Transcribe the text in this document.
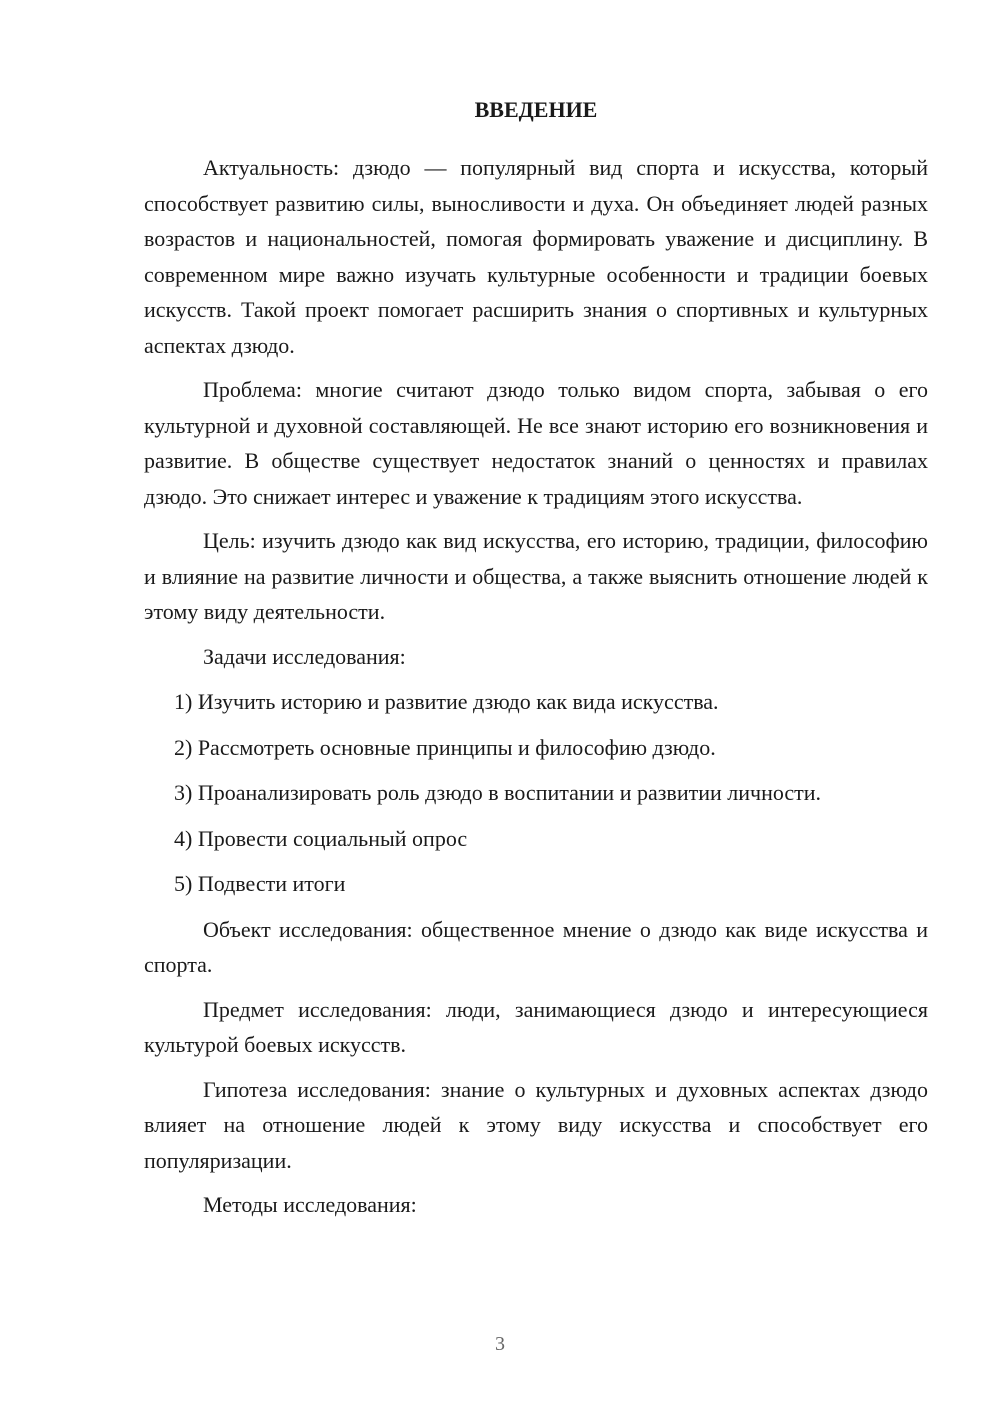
ВВЕДЕНИЕ

Актуальность: дзюдо — популярный вид спорта и искусства, который способствует развитию силы, выносливости и духа. Он объединяет людей разных возрастов и национальностей, помогая формировать уважение и дисциплину. В современном мире важно изучать культурные особенности и традиции боевых искусств. Такой проект помогает расширить знания о спортивных и культурных аспектах дзюдо.

Проблема: многие считают дзюдо только видом спорта, забывая о его культурной и духовной составляющей. Не все знают историю его возникновения и развитие. В обществе существует недостаток знаний о ценностях и правилах дзюдо. Это снижает интерес и уважение к традициям этого искусства.

Цель: изучить дзюдо как вид искусства, его историю, традиции, философию и влияние на развитие личности и общества, а также выяснить отношение людей к этому виду деятельности.

Задачи исследования:

1) Изучить историю и развитие дзюдо как вида искусства.
2) Рассмотреть основные принципы и философию дзюдо.
3) Проанализировать роль дзюдо в воспитании и развитии личности.
4) Провести социальный опрос
5) Подвести итоги

Объект исследования: общественное мнение о дзюдо как виде искусства и спорта.

Предмет исследования: люди, занимающиеся дзюдо и интересующиеся культурой боевых искусств.

Гипотеза исследования: знание о культурных и духовных аспектах дзюдо влияет на отношение людей к этому виду искусства и способствует его популяризации.

Методы исследования:

3
